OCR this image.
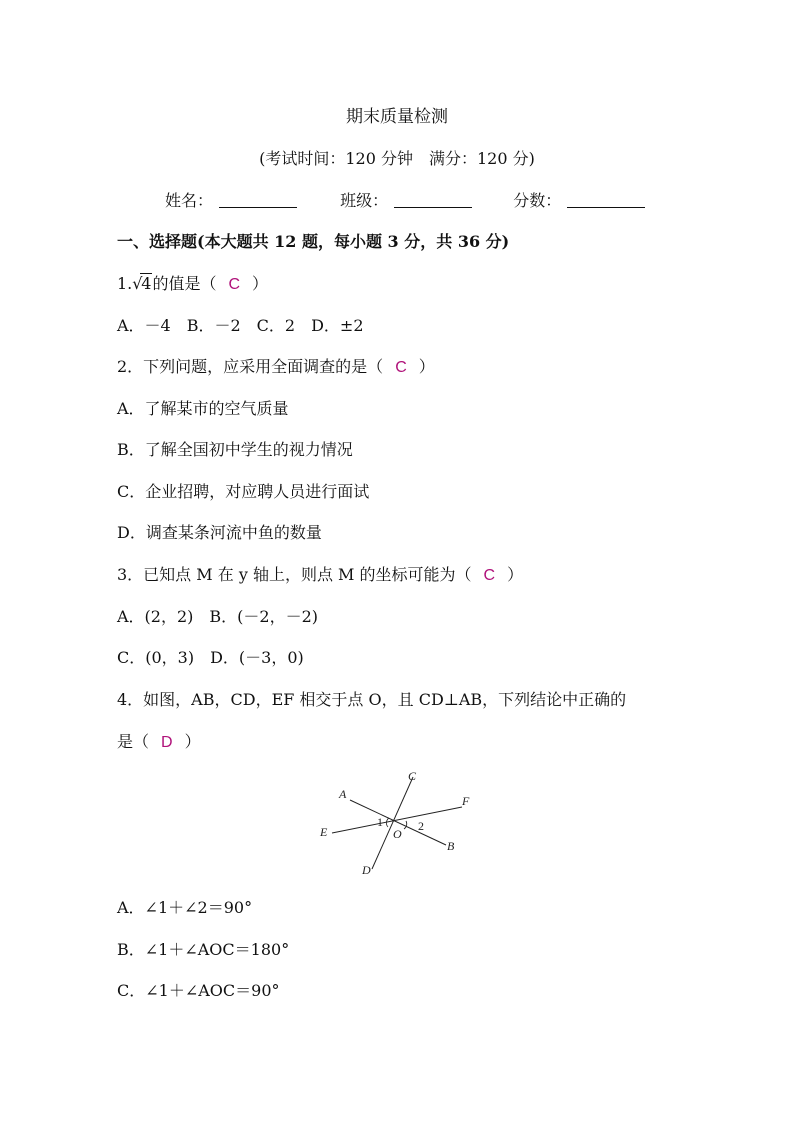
期末质量检测
(考试时间：120 分钟　满分：120 分)
姓名：	班级：	分数：
一、选择题(本大题共 12 题，每小题 3 分，共 36 分)
1. √
4的值是（ C ）
A．－4　B．－2　C．2　D．±2
2．下列问题，应采用全面调查的是（ C ）
A．了解某市的空气质量
B．了解全国初中学生的视力情况
C．企业招聘，对应聘人员进行面试
D．调查某条河流中鱼的数量
3．已知点 M 在 y 轴上，则点 M 的坐标可能为（ C ）
A．(2，2)　B．(－2，－2)
C．(0，3)　D．(－3，0)
4．如图，AB，CD，EF 相交于点 O，且 CD⊥AB，下列结论中正确的
是（ D ）
A
C
F
E
B
D
O
1	2
A．∠1＋∠2＝90°
B．∠1＋∠AOC＝180°
C．∠1＋∠AOC＝90°
